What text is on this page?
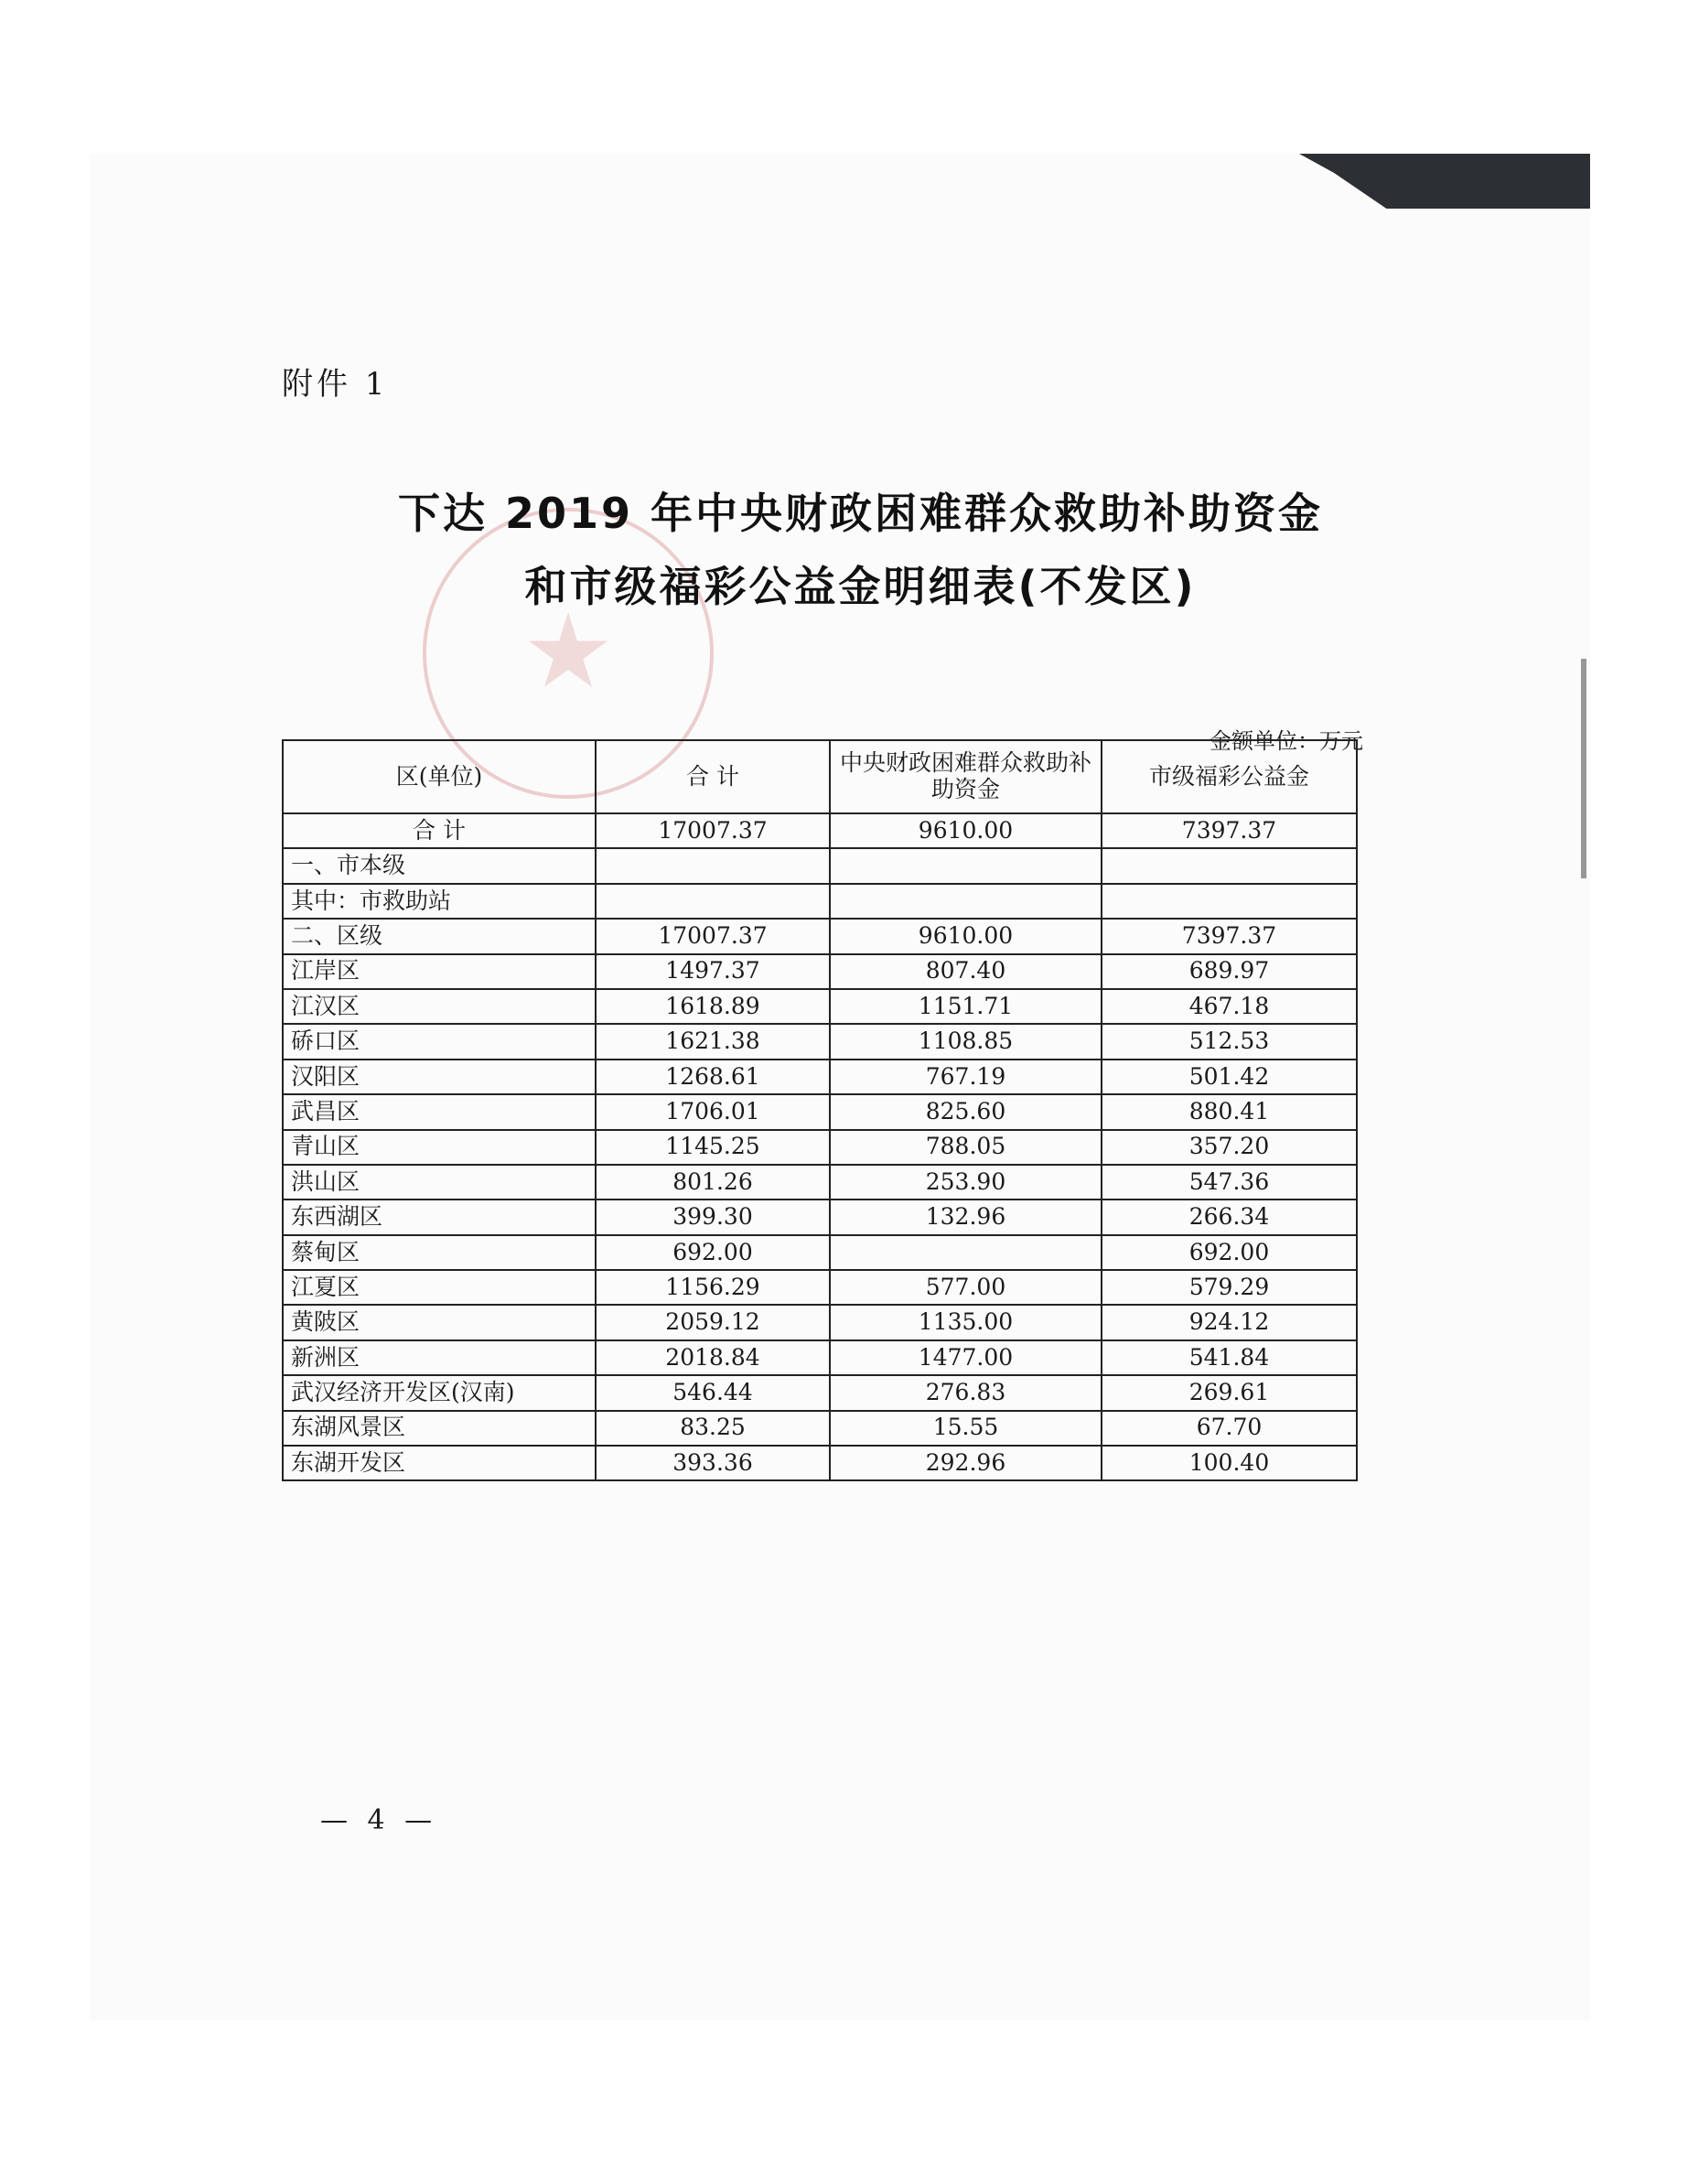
附件 1
下达 2019 年中央财政困难群众救助补助资金
和市级福彩公益金明细表(不发区)
金额单位：万元
区(单位)	合 计	中央财政困难群众救助补助资金	市级福彩公益金
合 计	17007.37	9610.00	7397.37
一、市本级			
其中：市救助站			
二、区级	17007.37	9610.00	7397.37
江岸区	1497.37	807.40	689.97
江汉区	1618.89	1151.71	467.18
硚口区	1621.38	1108.85	512.53
汉阳区	1268.61	767.19	501.42
武昌区	1706.01	825.60	880.41
青山区	1145.25	788.05	357.20
洪山区	801.26	253.90	547.36
东西湖区	399.30	132.96	266.34
蔡甸区	692.00		692.00
江夏区	1156.29	577.00	579.29
黄陂区	2059.12	1135.00	924.12
新洲区	2018.84	1477.00	541.84
武汉经济开发区(汉南)	546.44	276.83	269.61
东湖风景区	83.25	15.55	67.70
东湖开发区	393.36	292.96	100.40
— 4 —
